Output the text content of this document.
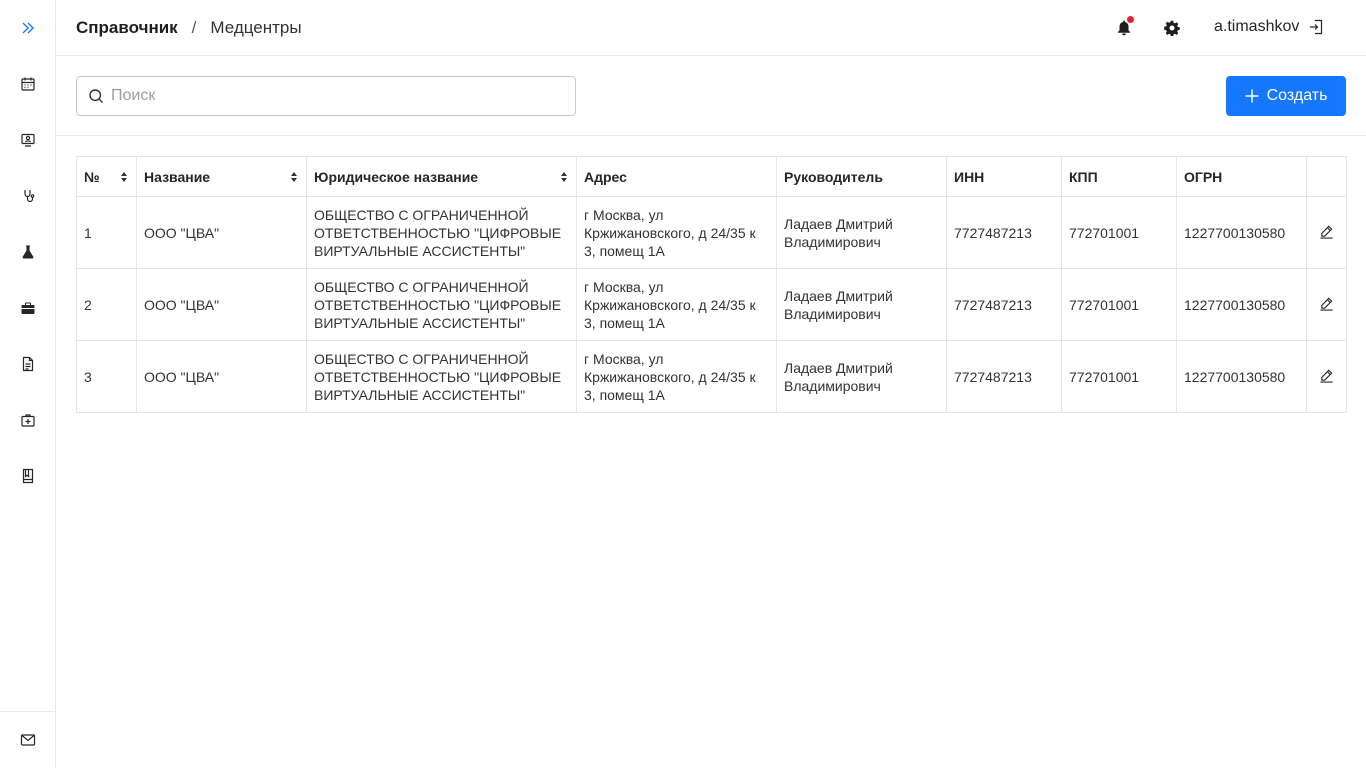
Справочник / Медцентры	a.timashkov
Поиск
Создать
№	Название	Юридическое название	Адрес	Руководитель	ИНН	КПП	ОГРН	
1	ООО "ЦВА"	ОБЩЕСТВО С ОГРАНИЧЕННОЙ ОТВЕТСТВЕННОСТЬЮ "ЦИФРОВЫЕ ВИРТУАЛЬНЫЕ АССИСТЕНТЫ"	г Москва, ул Кржижановского, д 24/35 к 3, помещ 1А	Ладаев Дмитрий Владимирович	7727487213	772701001	1227700130580	

2	ООО "ЦВА"	ОБЩЕСТВО С ОГРАНИЧЕННОЙ ОТВЕТСТВЕННОСТЬЮ "ЦИФРОВЫЕ ВИРТУАЛЬНЫЕ АССИСТЕНТЫ"	г Москва, ул Кржижановского, д 24/35 к 3, помещ 1А	Ладаев Дмитрий Владимирович	7727487213	772701001	1227700130580	

3	ООО "ЦВА"	ОБЩЕСТВО С ОГРАНИЧЕННОЙ ОТВЕТСТВЕННОСТЬЮ "ЦИФРОВЫЕ ВИРТУАЛЬНЫЕ АССИСТЕНТЫ"	г Москва, ул Кржижановского, д 24/35 к 3, помещ 1А	Ладаев Дмитрий Владимирович	7727487213	772701001	1227700130580	
